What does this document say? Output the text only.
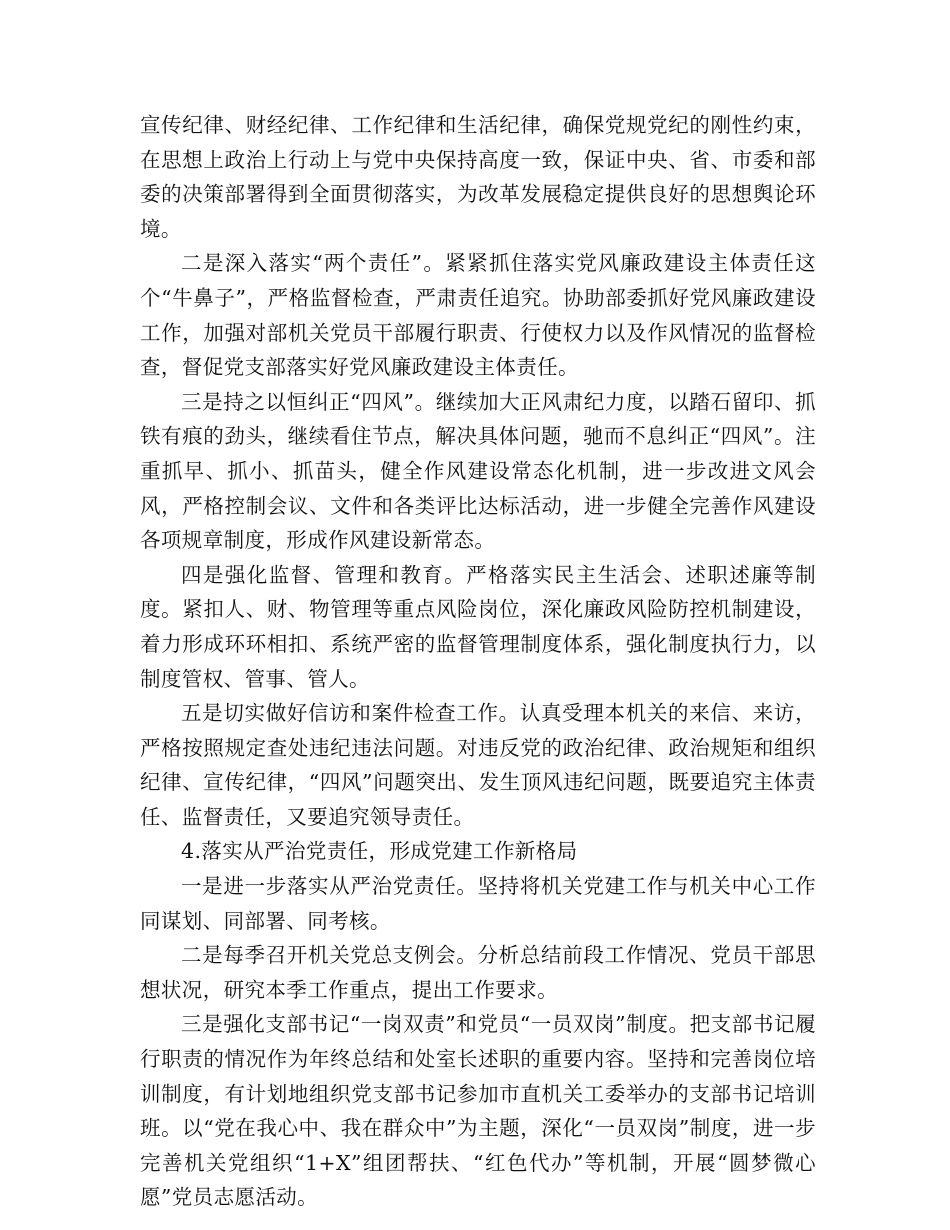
宣传纪律、财经纪律、工作纪律和生活纪律，确保党规党纪的刚性约束，在思想上政治上行动上与党中央保持高度一致，保证中央、省、市委和部委的决策部署得到全面贯彻落实，为改革发展稳定提供良好的思想舆论环境。

二是深入落实“两个责任”。紧紧抓住落实党风廉政建设主体责任这个“牛鼻子”，严格监督检查，严肃责任追究。协助部委抓好党风廉政建设工作，加强对部机关党员干部履行职责、行使权力以及作风情况的监督检查，督促党支部落实好党风廉政建设主体责任。

三是持之以恒纠正“四风”。继续加大正风肃纪力度，以踏石留印、抓铁有痕的劲头，继续看住节点，解决具体问题，驰而不息纠正“四风”。注重抓早、抓小、抓苗头，健全作风建设常态化机制，进一步改进文风会风，严格控制会议、文件和各类评比达标活动，进一步健全完善作风建设各项规章制度，形成作风建设新常态。

四是强化监督、管理和教育。严格落实民主生活会、述职述廉等制度。紧扣人、财、物管理等重点风险岗位，深化廉政风险防控机制建设，着力形成环环相扣、系统严密的监督管理制度体系，强化制度执行力，以制度管权、管事、管人。

五是切实做好信访和案件检查工作。认真受理本机关的来信、来访，严格按照规定查处违纪违法问题。对违反党的政治纪律、政治规矩和组织纪律、宣传纪律，“四风”问题突出、发生顶风违纪问题，既要追究主体责任、监督责任，又要追究领导责任。

4.落实从严治党责任，形成党建工作新格局

一是进一步落实从严治党责任。坚持将机关党建工作与机关中心工作同谋划、同部署、同考核。

二是每季召开机关党总支例会。分析总结前段工作情况、党员干部思想状况，研究本季工作重点，提出工作要求。

三是强化支部书记“一岗双责”和党员“一员双岗”制度。把支部书记履行职责的情况作为年终总结和处室长述职的重要内容。坚持和完善岗位培训制度，有计划地组织党支部书记参加市直机关工委举办的支部书记培训班。以“党在我心中、我在群众中”为主题，深化“一员双岗”制度，进一步完善机关党组织“1+X”组团帮扶、“红色代办”等机制，开展“圆梦微心愿”党员志愿活动。
